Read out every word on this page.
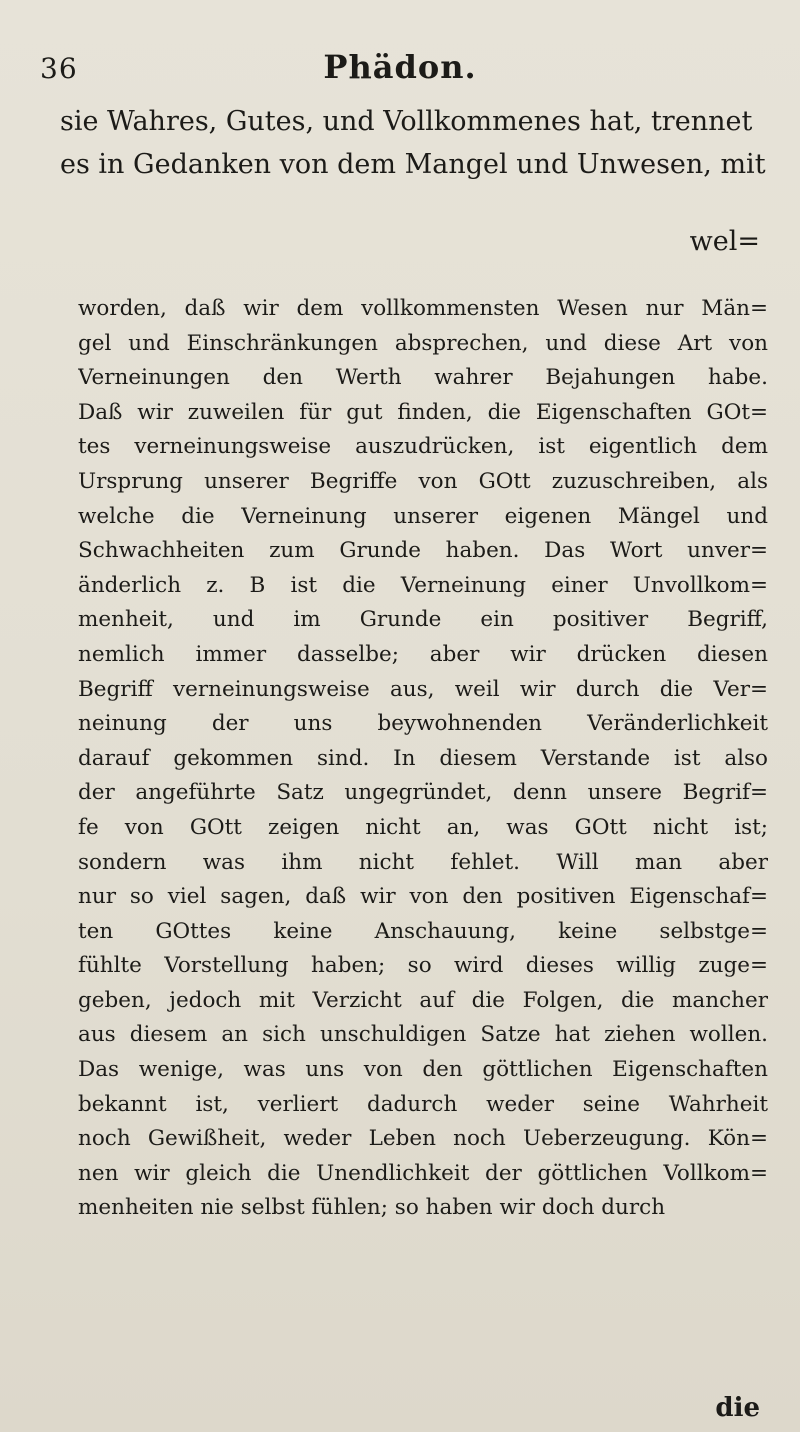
36	Phädon.
sie Wahres, Gutes, und Vollkommenes hat, trennet
es in Gedanken von dem Mangel und Unwesen, mit
wel=
worden, daß wir dem vollkommensten Wesen nur Män=
gel und Einschränkungen absprechen, und diese Art von
Verneinungen den Werth wahrer Bejahungen habe.
Daß wir zuweilen für gut finden, die Eigenschaften GOt=
tes verneinungsweise auszudrücken, ist eigentlich dem
Ursprung unserer Begriffe von GOtt zuzuschreiben, als
welche die Verneinung unserer eigenen Mängel und
Schwachheiten zum Grunde haben. Das Wort unver=
änderlich z. B ist die Verneinung einer Unvollkom=
menheit, und im Grunde ein positiver Begriff,
nemlich immer dasselbe; aber wir drücken diesen
Begriff verneinungsweise aus, weil wir durch die Ver=
neinung der uns beywohnenden Veränderlichkeit
darauf gekommen sind. In diesem Verstande ist also
der angeführte Satz ungegründet, denn unsere Begrif=
fe von GOtt zeigen nicht an, was GOtt nicht ist;
sondern was ihm nicht fehlet. Will man aber
nur so viel sagen, daß wir von den positiven Eigenschaf=
ten GOttes keine Anschauung, keine selbstge=
fühlte Vorstellung haben; so wird dieses willig zuge=
geben, jedoch mit Verzicht auf die Folgen, die mancher
aus diesem an sich unschuldigen Satze hat ziehen wollen.
Das wenige, was uns von den göttlichen Eigenschaften
bekannt ist, verliert dadurch weder seine Wahrheit
noch Gewißheit, weder Leben noch Ueberzeugung. Kön=
nen wir gleich die Unendlichkeit der göttlichen Vollkom=
menheiten nie selbst fühlen; so haben wir doch durch
die
